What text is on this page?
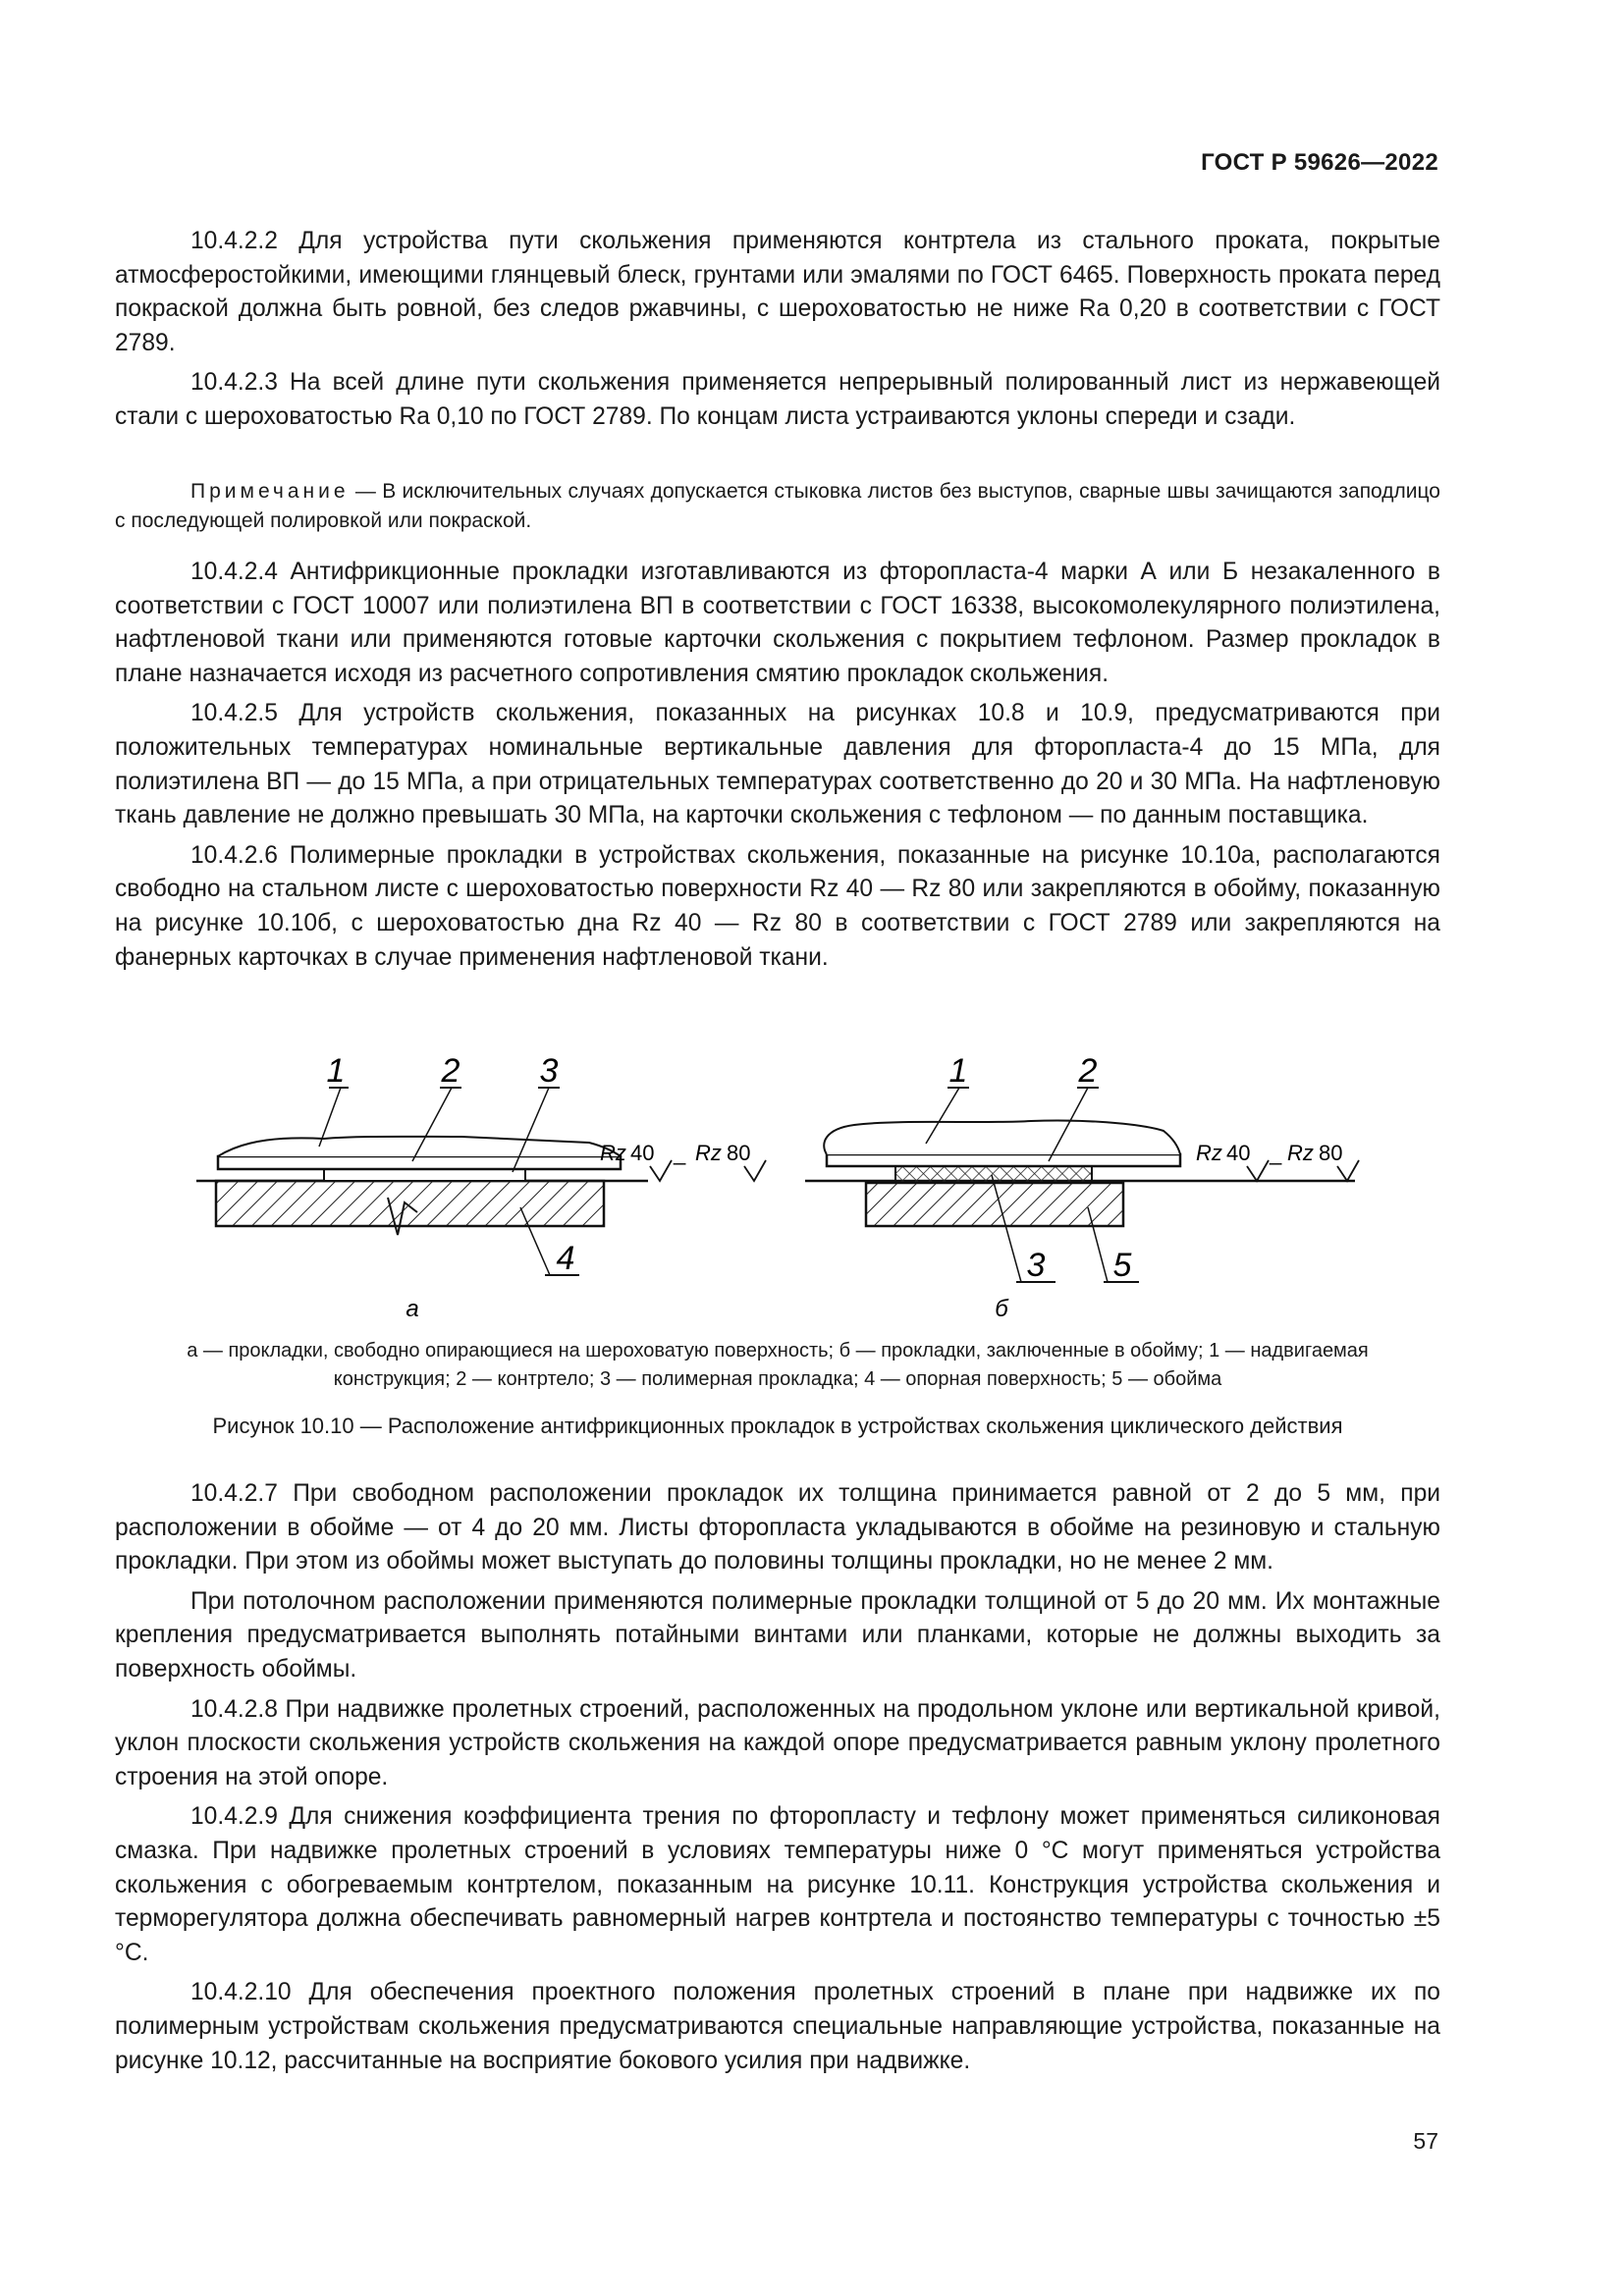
ГОСТ Р 59626—2022

10.4.2.2 Для устройства пути скольжения применяются контртела из стального проката, покрытые атмосферостойкими, имеющими глянцевый блеск, грунтами или эмалями по ГОСТ 6465. Поверхность проката перед покраской должна быть ровной, без следов ржавчины, с шероховатостью не ниже Ra 0,20 в соответствии с ГОСТ 2789.

10.4.2.3 На всей длине пути скольжения применяется непрерывный полированный лист из нержавеющей стали с шероховатостью Ra 0,10 по ГОСТ 2789. По концам листа устраиваются уклоны спереди и сзади.

Примечание — В исключительных случаях допускается стыковка листов без выступов, сварные швы зачищаются заподлицо с последующей полировкой или покраской.

10.4.2.4 Антифрикционные прокладки изготавливаются из фторопласта-4 марки А или Б незакаленного в соответствии с ГОСТ 10007 или полиэтилена ВП в соответствии с ГОСТ 16338, высокомолекулярного полиэтилена, нафтленовой ткани или применяются готовые карточки скольжения с покрытием тефлоном. Размер прокладок в плане назначается исходя из расчетного сопротивления смятию прокладок скольжения.

10.4.2.5 Для устройств скольжения, показанных на рисунках 10.8 и 10.9, предусматриваются при положительных температурах номинальные вертикальные давления для фторопласта-4 до 15 МПа, для полиэтилена ВП — до 15 МПа, а при отрицательных температурах соответственно до 20 и 30 МПа. На нафтленовую ткань давление не должно превышать 30 МПа, на карточки скольжения с тефлоном — по данным поставщика.

10.4.2.6 Полимерные прокладки в устройствах скольжения, показанные на рисунке 10.10а, располагаются свободно на стальном листе с шероховатостью поверхности Rz 40 — Rz 80 или закрепляются в обойму, показанную на рисунке 10.10б, с шероховатостью дна Rz 40 — Rz 80 в соответствии с ГОСТ 2789 или закрепляются на фанерных карточках в случае применения нафтленовой ткани.

1	2 3
4
Rz 40 _ Rz 80
а
1	2
3 5
Rz 40 _ Rz 80
б
а — прокладки, свободно опирающиеся на шероховатую поверхность; б — прокладки, заключенные в обойму; 1 — надвигаемая
конструкция; 2 — контртело; 3 — полимерная прокладка; 4 — опорная поверхность; 5 — обойма
Рисунок 10.10 — Расположение антифрикционных прокладок в устройствах скольжения циклического действия

10.4.2.7 При свободном расположении прокладок их толщина принимается равной от 2 до 5 мм, при расположении в обойме — от 4 до 20 мм. Листы фторопласта укладываются в обойме на резиновую и стальную прокладки. При этом из обоймы может выступать до половины толщины прокладки, но не менее 2 мм.

При потолочном расположении применяются полимерные прокладки толщиной от 5 до 20 мм. Их монтажные крепления предусматривается выполнять потайными винтами или планками, которые не должны выходить за поверхность обоймы.

10.4.2.8 При надвижке пролетных строений, расположенных на продольном уклоне или вертикальной кривой, уклон плоскости скольжения устройств скольжения на каждой опоре предусматривается равным уклону пролетного строения на этой опоре.

10.4.2.9 Для снижения коэффициента трения по фторопласту и тефлону может применяться силиконовая смазка. При надвижке пролетных строений в условиях температуры ниже 0 °С могут применяться устройства скольжения с обогреваемым контртелом, показанным на рисунке 10.11. Конструкция устройства скольжения и терморегулятора должна обеспечивать равномерный нагрев контртела и постоянство температуры с точностью ±5 °С.

10.4.2.10 Для обеспечения проектного положения пролетных строений в плане при надвижке их по полимерным устройствам скольжения предусматриваются специальные направляющие устройства, показанные на рисунке 10.12, рассчитанные на восприятие бокового усилия при надвижке.

57
